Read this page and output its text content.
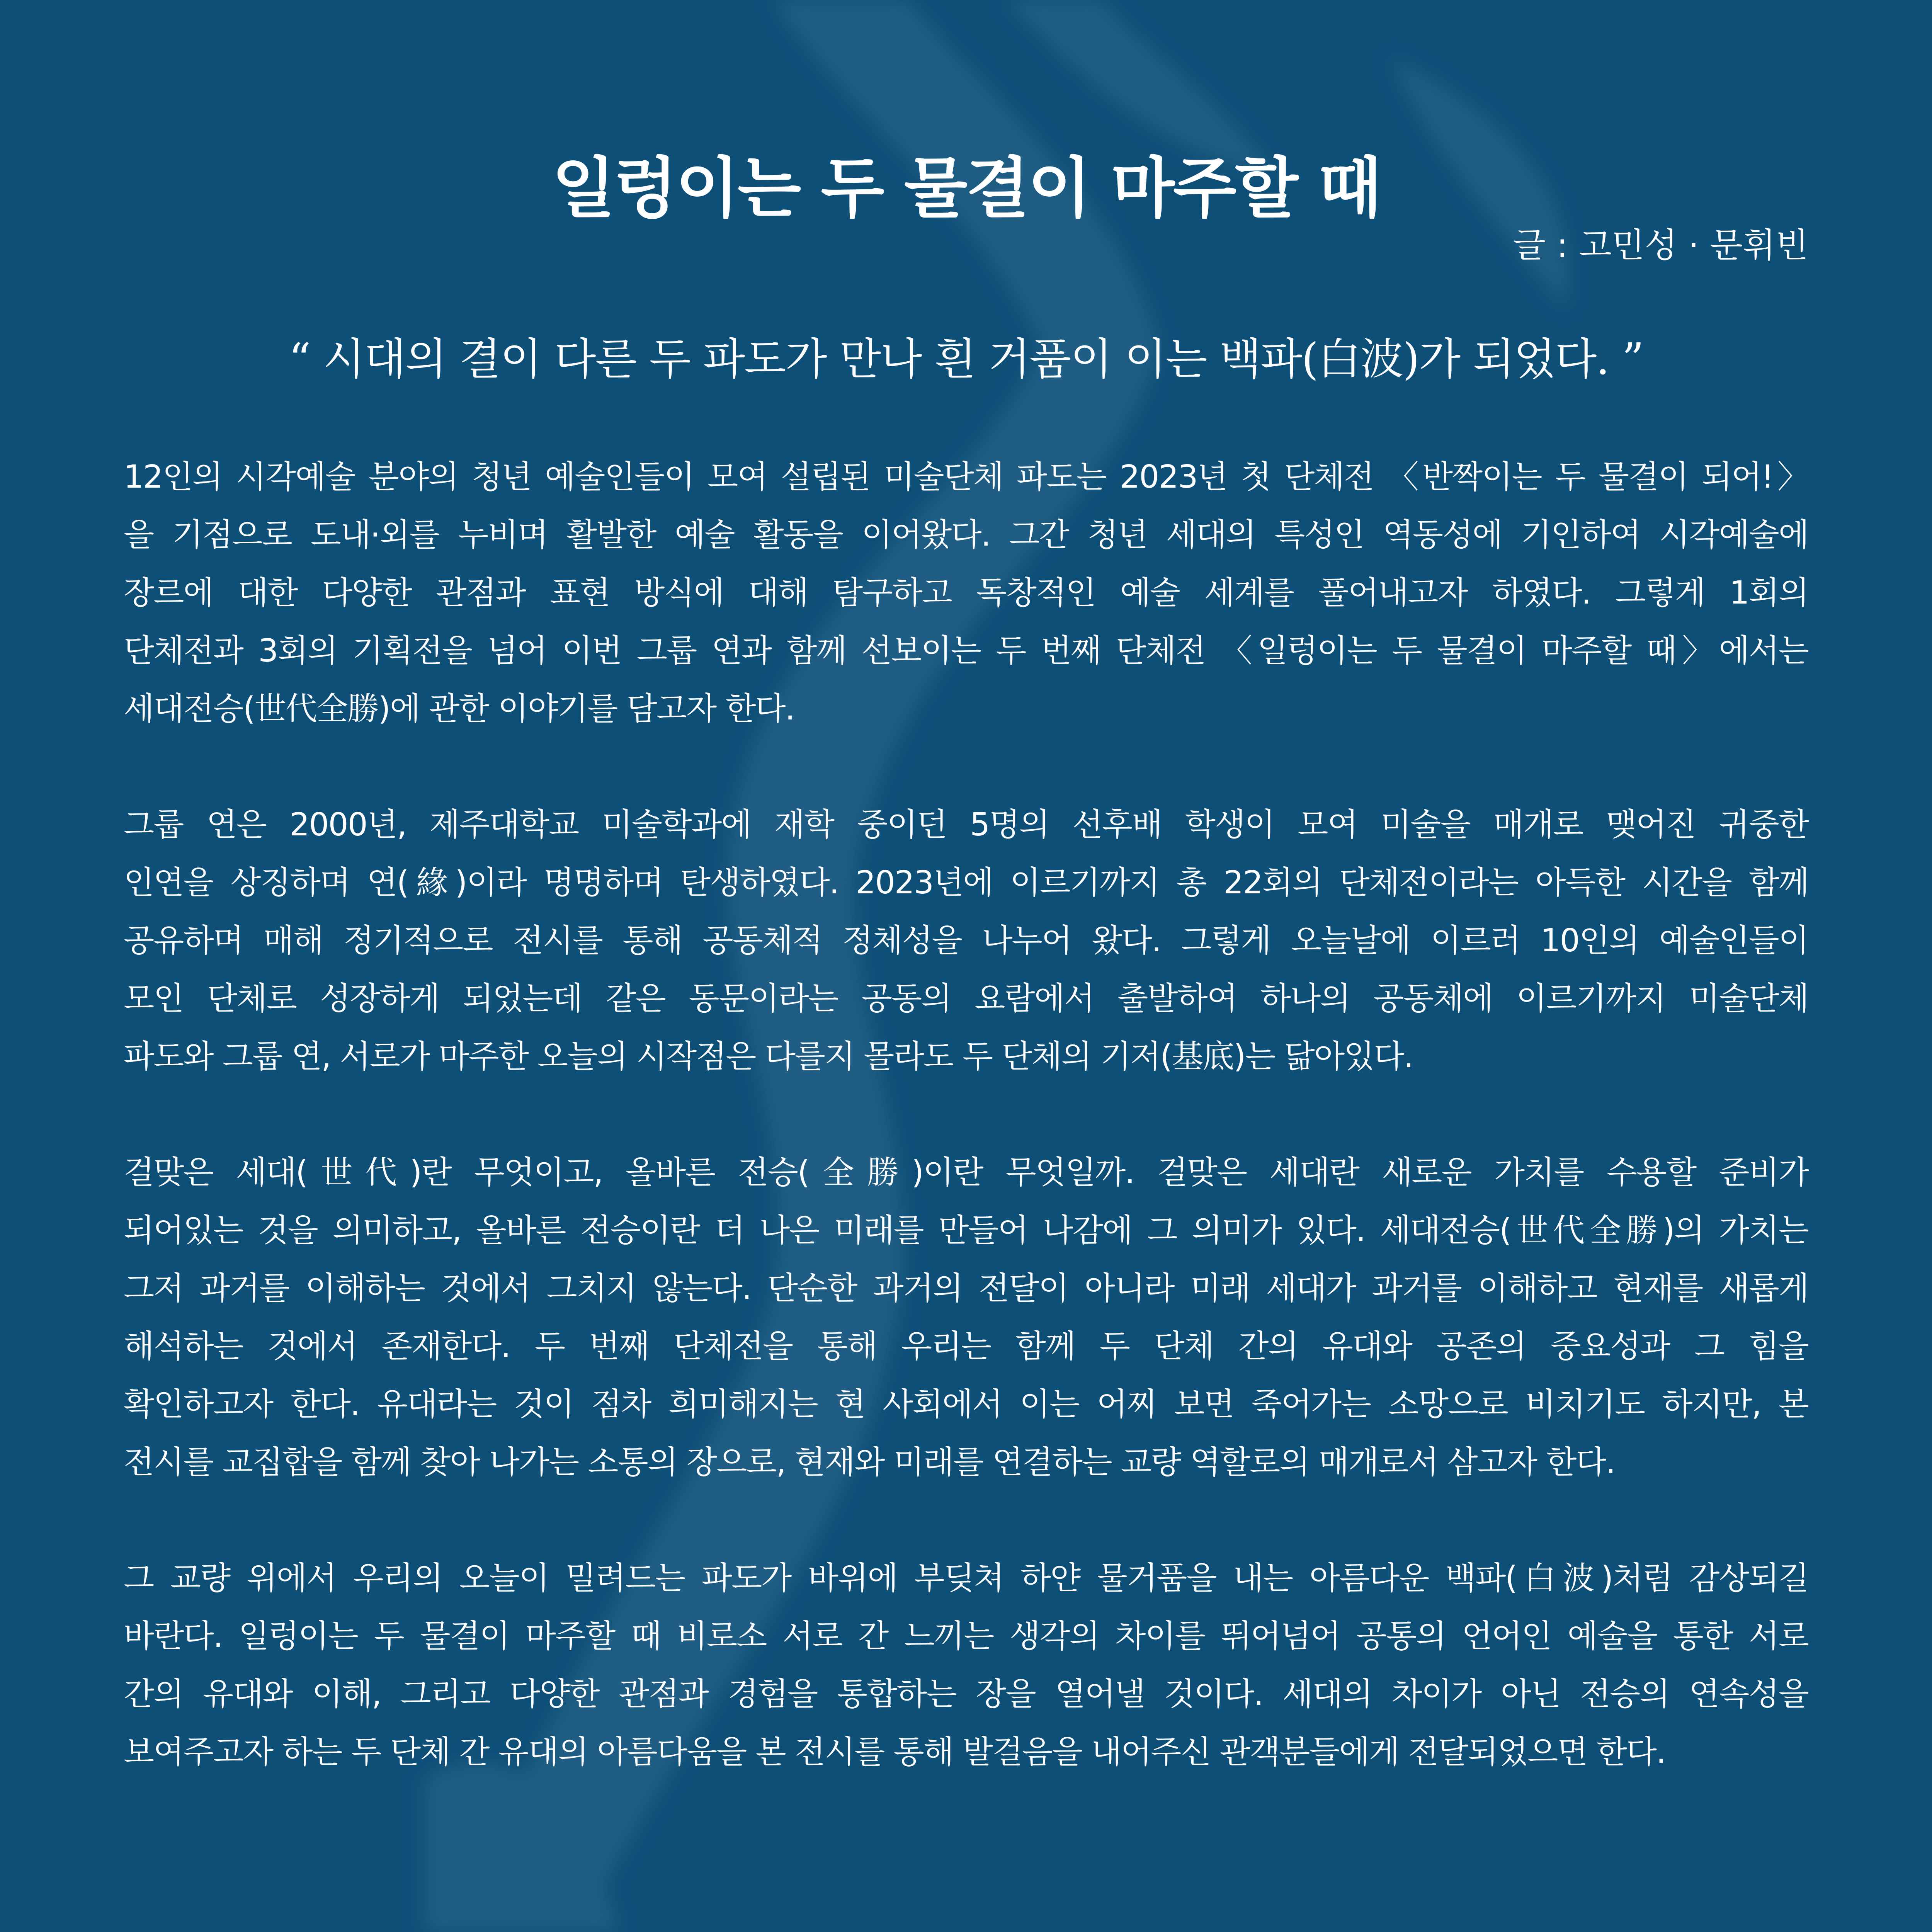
일렁이는 두 물결이 마주할 때
글 : 고민성 · 문휘빈
“ 시대의 결이 다른 두 파도가 만나 흰 거품이 이는 백파(白波)가 되었다. ”
12인의 시각예술 분야의 청년 예술인들이 모여 설립된 미술단체 파도는 2023년 첫 단체전 〈반짝이는 두 물결이 되어!〉
을 기점으로 도내·외를 누비며 활발한 예술 활동을 이어왔다. 그간 청년 세대의 특성인 역동성에 기인하여 시각예술에
장르에 대한 다양한 관점과 표현 방식에 대해 탐구하고 독창적인 예술 세계를 풀어내고자 하였다. 그렇게 1회의
단체전과 3회의 기획전을 넘어 이번 그룹 연과 함께 선보이는 두 번째 단체전 〈일렁이는 두 물결이 마주할 때〉에서는
세대전승(世代全勝)에 관한 이야기를 담고자 한다.
그룹 연은 2000년, 제주대학교 미술학과에 재학 중이던 5명의 선후배 학생이 모여 미술을 매개로 맺어진 귀중한
인연을 상징하며 연(緣)이라 명명하며 탄생하였다. 2023년에 이르기까지 총 22회의 단체전이라는 아득한 시간을 함께
공유하며 매해 정기적으로 전시를 통해 공동체적 정체성을 나누어 왔다. 그렇게 오늘날에 이르러 10인의 예술인들이
모인 단체로 성장하게 되었는데 같은 동문이라는 공동의 요람에서 출발하여 하나의 공동체에 이르기까지 미술단체
파도와 그룹 연, 서로가 마주한 오늘의 시작점은 다를지 몰라도 두 단체의 기저(基底)는 닮아있다.
걸맞은 세대(世代)란 무엇이고, 올바른 전승(全勝)이란 무엇일까. 걸맞은 세대란 새로운 가치를 수용할 준비가
되어있는 것을 의미하고, 올바른 전승이란 더 나은 미래를 만들어 나감에 그 의미가 있다. 세대전승(世代全勝)의 가치는
그저 과거를 이해하는 것에서 그치지 않는다. 단순한 과거의 전달이 아니라 미래 세대가 과거를 이해하고 현재를 새롭게
해석하는 것에서 존재한다. 두 번째 단체전을 통해 우리는 함께 두 단체 간의 유대와 공존의 중요성과 그 힘을
확인하고자 한다. 유대라는 것이 점차 희미해지는 현 사회에서 이는 어찌 보면 죽어가는 소망으로 비치기도 하지만, 본
전시를 교집합을 함께 찾아 나가는 소통의 장으로, 현재와 미래를 연결하는 교량 역할로의 매개로서 삼고자 한다.
그 교량 위에서 우리의 오늘이 밀려드는 파도가 바위에 부딪쳐 하얀 물거품을 내는 아름다운 백파(白波)처럼 감상되길
바란다. 일렁이는 두 물결이 마주할 때 비로소 서로 간 느끼는 생각의 차이를 뛰어넘어 공통의 언어인 예술을 통한 서로
간의 유대와 이해, 그리고 다양한 관점과 경험을 통합하는 장을 열어낼 것이다. 세대의 차이가 아닌 전승의 연속성을
보여주고자 하는 두 단체 간 유대의 아름다움을 본 전시를 통해 발걸음을 내어주신 관객분들에게 전달되었으면 한다.
